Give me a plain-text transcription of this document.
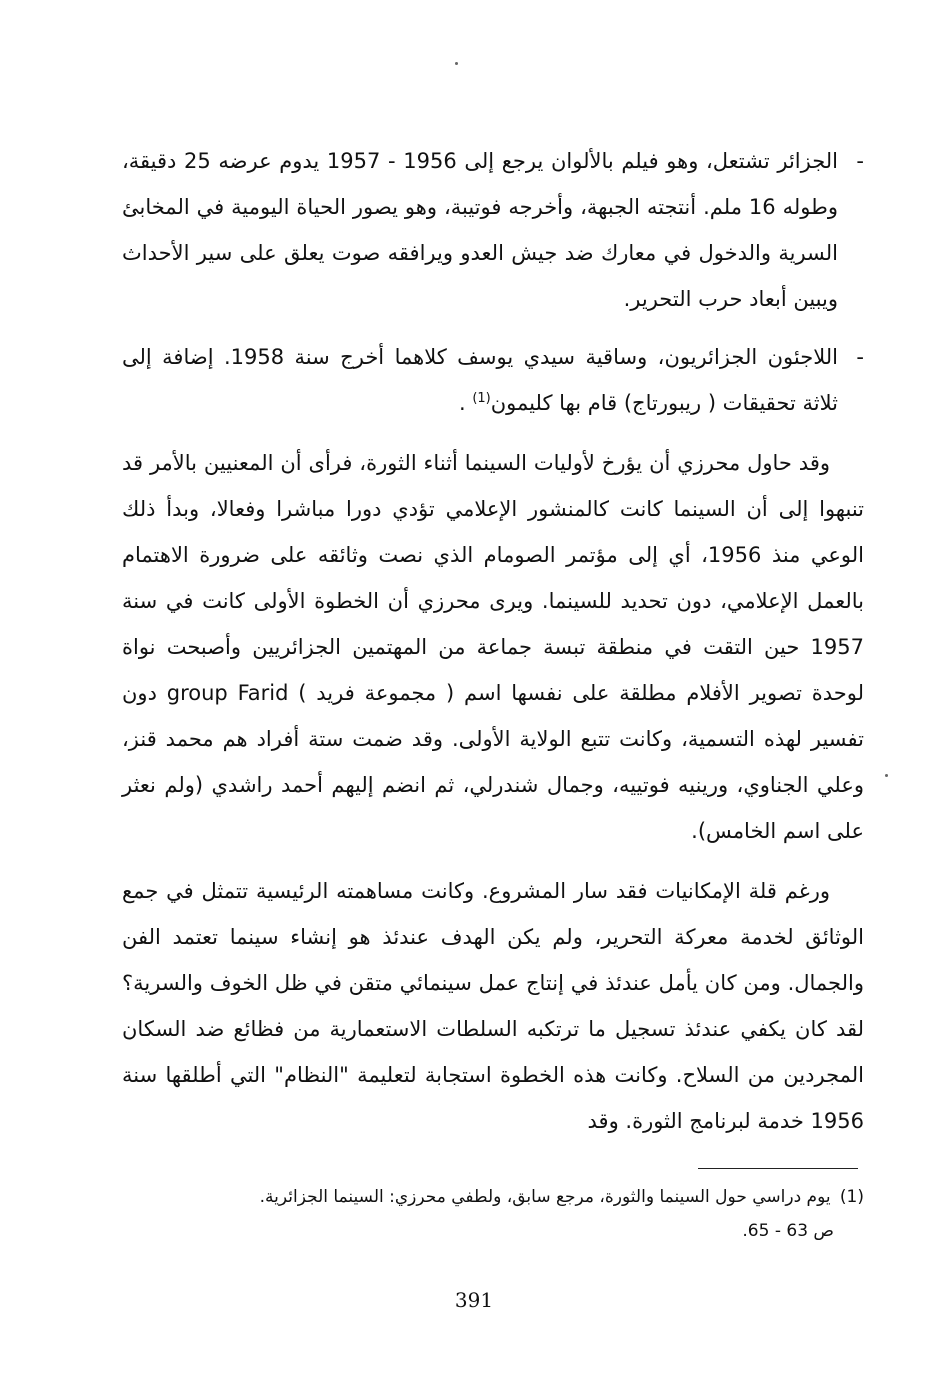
-
الجزائر تشتعل، وهو فيلم بالألوان يرجع إلى 1956 - 1957 يدوم عرضه 25 دقيقة، وطوله 16 ملم. أنتجته الجبهة، وأخرجه فوتيبة، وهو يصور الحياة اليومية في المخابئ السرية والدخول في معارك ضد جيش العدو ويرافقه صوت يعلق على سير الأحداث ويبين أبعاد حرب التحرير.
-
اللاجئون الجزائريون، وساقية سيدي يوسف كلاهما أخرج سنة 1958. إضافة إلى ثلاثة تحقيقات ( ريبورتاج) قام بها كليمون$^{(1)}$ .

وقد حاول محرزي أن يؤرخ لأوليات السينما أثناء الثورة، فرأى أن المعنيين بالأمر قد تنبهوا إلى أن السينما كانت كالمنشور الإعلامي تؤدي دورا مباشرا وفعالا، وبدأ ذلك الوعي منذ 1956، أي إلى مؤتمر الصومام الذي نصت وثائقه على ضرورة الاهتمام بالعمل الإعلامي، دون تحديد للسينما. ويرى محرزي أن الخطوة الأولى كانت في سنة 1957 حين التقت في منطقة تبسة جماعة من المهتمين الجزائريين وأصبحت نواة لوحدة تصوير الأفلام مطلقة على نفسها اسم ( مجموعة فريد ) group Farid دون تفسير لهذه التسمية، وكانت تتبع الولاية الأولى. وقد ضمت ستة أفراد هم محمد قنز، وعلي الجناوي، ورينيه فوتييه، وجمال شندرلي، ثم انضم إليهم أحمد راشدي (ولم نعثر على اسم الخامس).

ورغم قلة الإمكانيات فقد سار المشروع. وكانت مساهمته الرئيسية تتمثل في جمع الوثائق لخدمة معركة التحرير، ولم يكن الهدف عندئذ هو إنشاء سينما تعتمد الفن والجمال. ومن كان يأمل عندئذ في إنتاج عمل سينمائي متقن في ظل الخوف والسرية؟ لقد كان يكفي عندئذ تسجيل ما ترتكبه السلطات الاستعمارية من فظائع ضد السكان المجردين من السلاح. وكانت هذه الخطوة استجابة لتعليمة "النظام" التي أطلقها سنة 1956 خدمة لبرنامج الثورة. وقد

(1) يوم دراسي حول السينما والثورة، مرجع سابق، ولطفي محرزي: السينما الجزائرية.
ص 63 - 65.
391
